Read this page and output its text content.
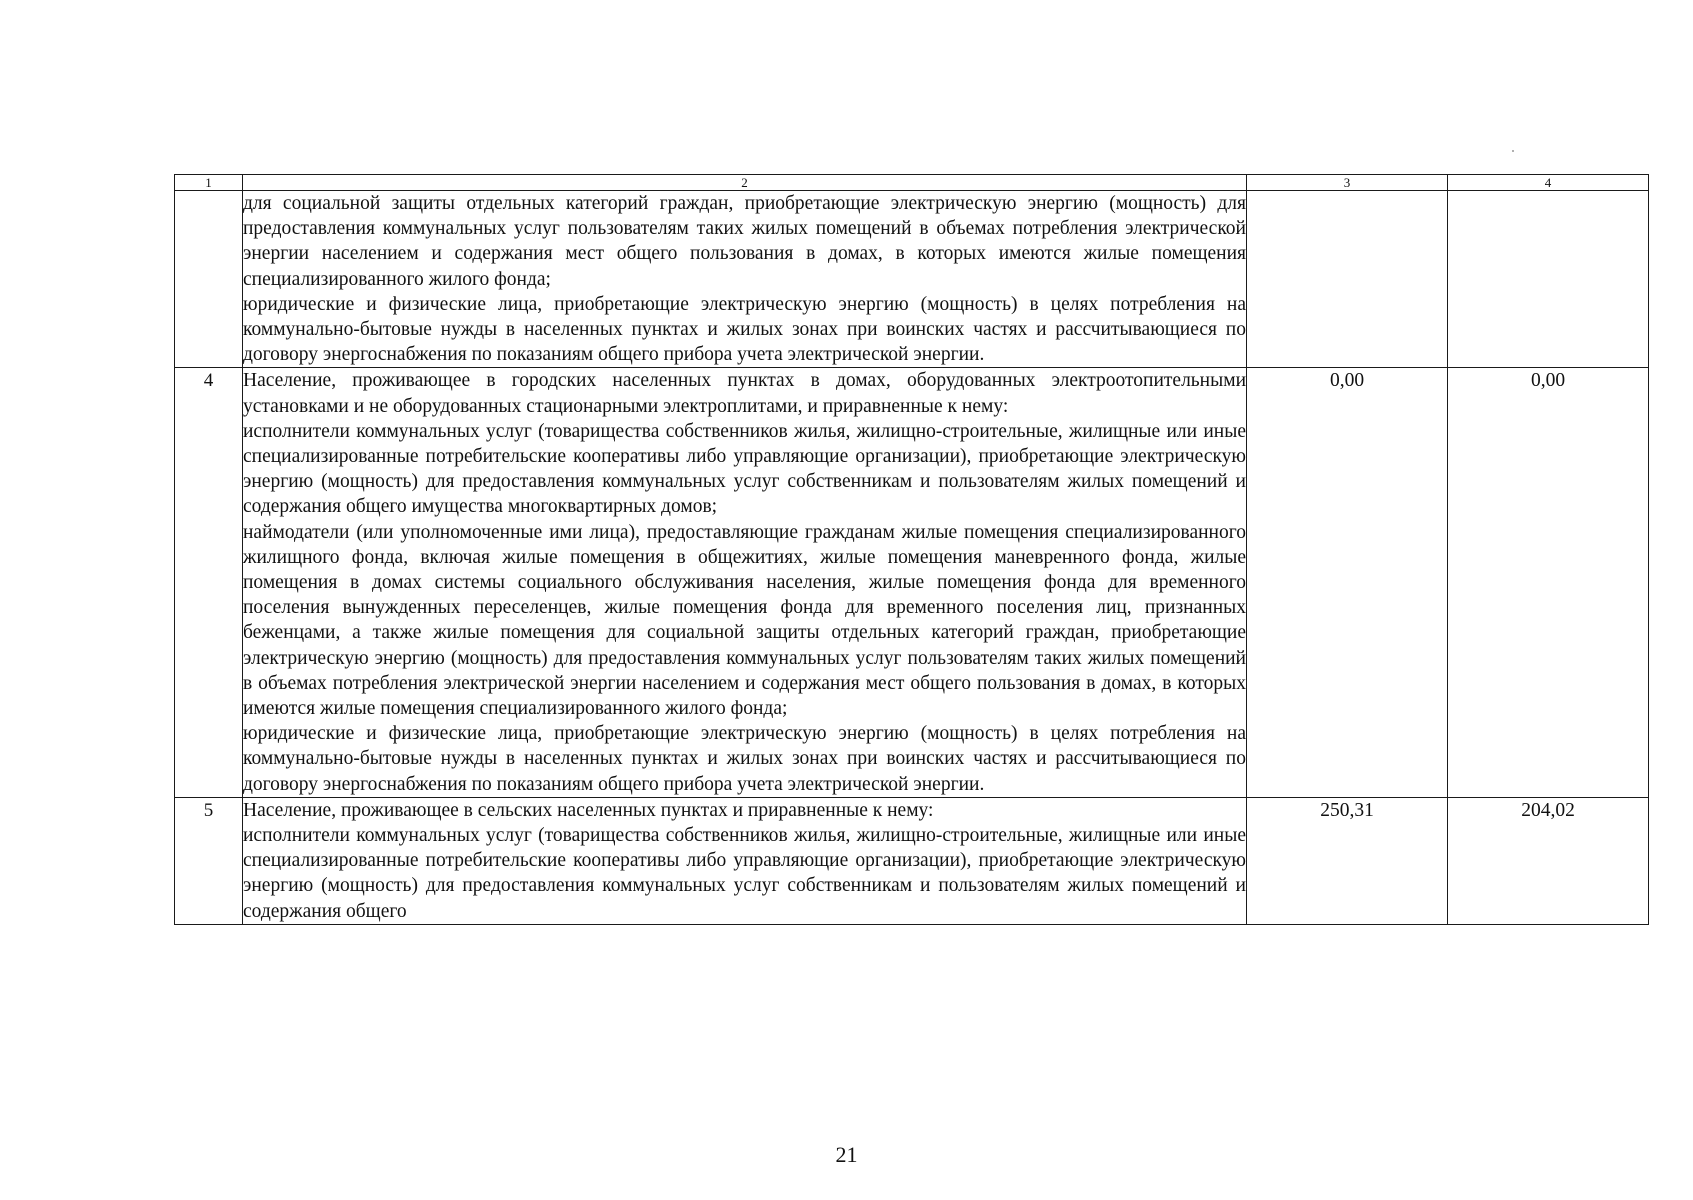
1	2	3	4

	для социальной защиты отдельных категорий граждан, приобретающие электрическую энергию (мощность) для предоставления коммунальных услуг пользователям таких жилых помещений в объемах потребления электрической энергии населением и содержания мест общего пользования в домах, в которых имеются жилые помещения специализированного жилого фонда;

юридические и физические лица, приобретающие электрическую энергию (мощность) в целях потребления на коммунально-бытовые нужды в населенных пунктах и жилых зонах при воинских частях и рассчитывающиеся по договору энергоснабжения по показаниям общего прибора учета электрической энергии.		

4	Население, проживающее в городских населенных пунктах в домах, оборудованных электроотопительными установками и не оборудованных стационарными электроплитами, и приравненные к нему:

исполнители коммунальных услуг (товарищества собственников жилья, жилищно-строительные, жилищные или иные специализированные потребительские кооперативы либо управляющие организации), приобретающие электрическую энергию (мощность) для предоставления коммунальных услуг собственникам и пользователям жилых помещений и содержания общего имущества многоквартирных домов;

наймодатели (или уполномоченные ими лица), предоставляющие гражданам жилые помещения специализированного жилищного фонда, включая жилые помещения в общежитиях, жилые помещения маневренного фонда, жилые помещения в домах системы социального обслуживания населения, жилые помещения фонда для временного поселения вынужденных переселенцев, жилые помещения фонда для временного поселения лиц, признанных беженцами, а также жилые помещения для социальной защиты отдельных категорий граждан, приобретающие электрическую энергию (мощность) для предоставления коммунальных услуг пользователям таких жилых помещений в объемах потребления электрической энергии населением и содержания мест общего пользования в домах, в которых имеются жилые помещения специализированного жилого фонда;

юридические и физические лица, приобретающие электрическую энергию (мощность) в целях потребления на коммунально-бытовые нужды в населенных пунктах и жилых зонах при воинских частях и рассчитывающиеся по договору энергоснабжения по показаниям общего прибора учета электрической энергии.	0,00	0,00
5	Население, проживающее в сельских населенных пунктах и приравненные к нему:

исполнители коммунальных услуг (товарищества собственников жилья, жилищно-строительные, жилищные или иные специализированные потребительские кооперативы либо управляющие организации), приобретающие электрическую энергию (мощность) для предоставления коммунальных услуг собственникам и пользователям жилых помещений и содержания общего	250,31	204,02
21
